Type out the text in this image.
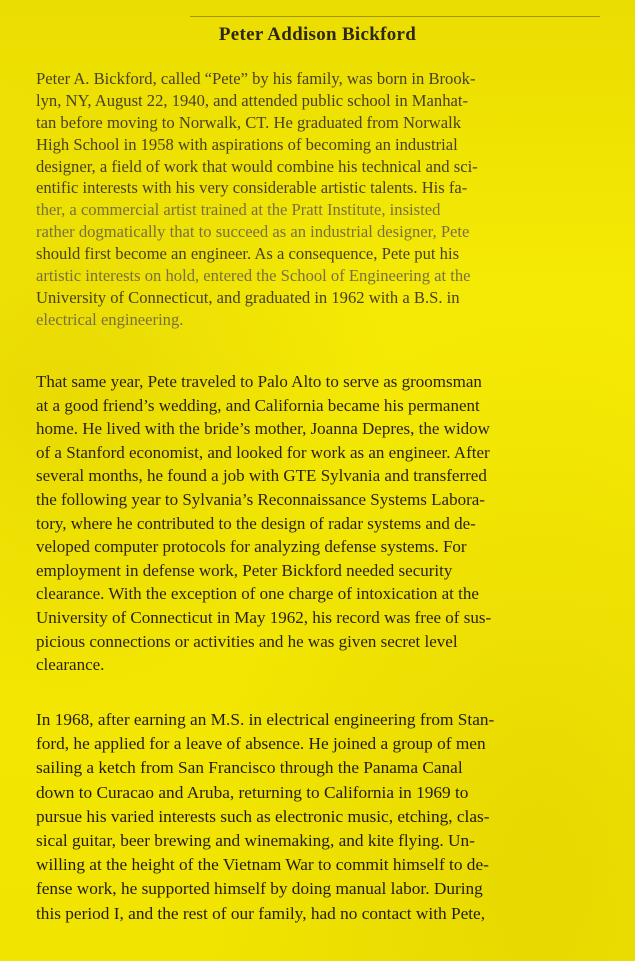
Peter Addison Bickford
Peter A. Bickford, called “Pete” by his family, was born in Brook-
lyn, NY, August 22, 1940, and attended public school in Manhat-
tan before moving to Norwalk, CT. He graduated from Norwalk
High School in 1958 with aspirations of becoming an industrial
designer, a field of work that would combine his technical and sci-
entific interests with his very considerable artistic talents. His fa-
ther, a commercial artist trained at the Pratt Institute, insisted
rather dogmatically that to succeed as an industrial designer, Pete
should first become an engineer. As a consequence, Pete put his
artistic interests on hold, entered the School of Engineering at the
University of Connecticut, and graduated in 1962 with a B.S. in
electrical engineering.
That same year, Pete traveled to Palo Alto to serve as groomsman
at a good friend’s wedding, and California became his permanent
home. He lived with the bride’s mother, Joanna Depres, the widow
of a Stanford economist, and looked for work as an engineer. After
several months, he found a job with GTE Sylvania and transferred
the following year to Sylvania’s Reconnaissance Systems Labora-
tory, where he contributed to the design of radar systems and de-
veloped computer protocols for analyzing defense systems. For
employment in defense work, Peter Bickford needed security
clearance. With the exception of one charge of intoxication at the
University of Connecticut in May 1962, his record was free of sus-
picious connections or activities and he was given secret level
clearance.
In 1968, after earning an M.S. in electrical engineering from Stan-
ford, he applied for a leave of absence. He joined a group of men
sailing a ketch from San Francisco through the Panama Canal
down to Curacao and Aruba, returning to California in 1969 to
pursue his varied interests such as electronic music, etching, clas-
sical guitar, beer brewing and winemaking, and kite flying. Un-
willing at the height of the Vietnam War to commit himself to de-
fense work, he supported himself by doing manual labor. During
this period I, and the rest of our family, had no contact with Pete,
